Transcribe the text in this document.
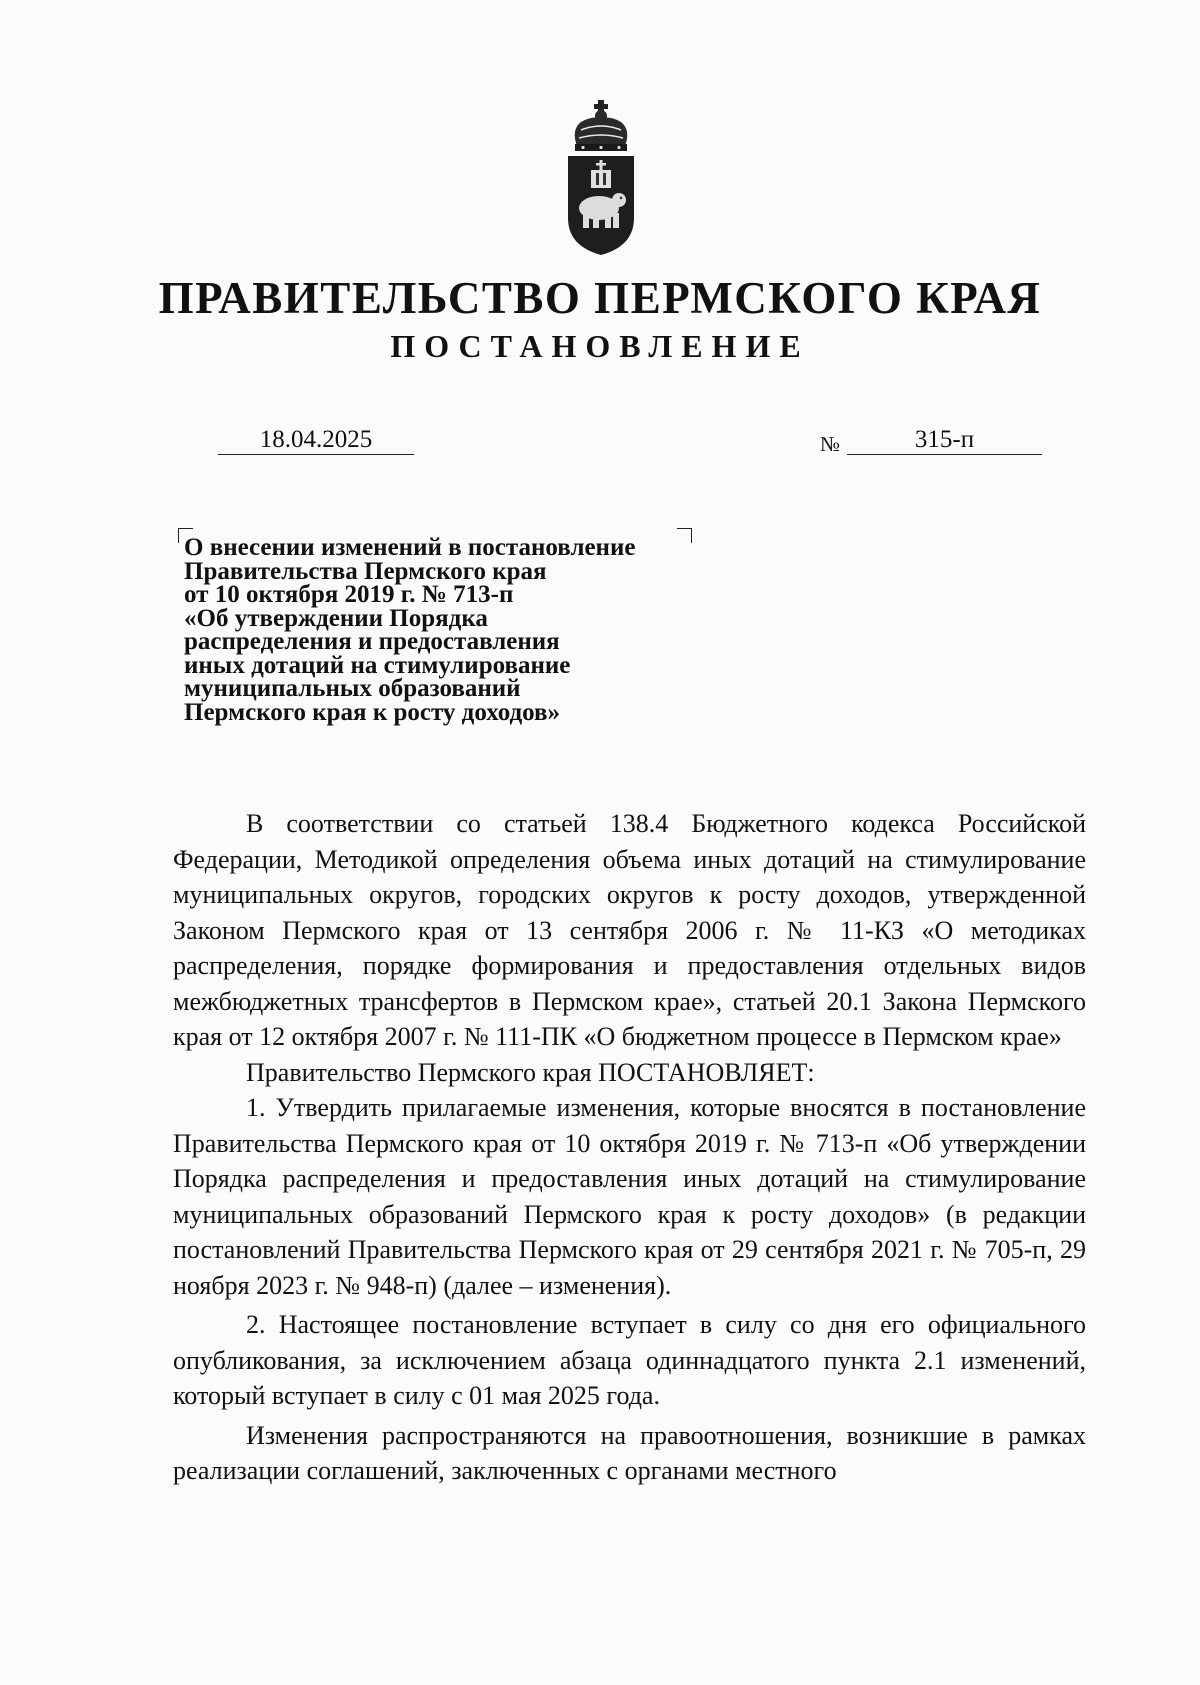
ПРАВИТЕЛЬСТВО ПЕРМСКОГО КРАЯ
ПОСТАНОВЛЕНИЕ
18.04.2025	№	315-п
О внесении изменений в постановление
Правительства Пермского края
от 10 октября 2019 г. № 713-п
«Об утверждении Порядка
распределения и предоставления
иных дотаций на стимулирование
муниципальных образований
Пермского края к росту доходов»

В соответствии со статьей 138.4 Бюджетного кодекса Российской Федерации, Методикой определения объема иных дотаций на стимулирование муниципальных округов, городских округов к росту доходов, утвержденной Законом Пермского края от 13 сентября 2006 г. № 11-КЗ «О методиках распределения, порядке формирования и предоставления отдельных видов межбюджетных трансфертов в Пермском крае», статьей 20.1 Закона Пермского края от 12 октября 2007 г. № 111-ПК «О бюджетном процессе в Пермском крае»

Правительство Пермского края ПОСТАНОВЛЯЕТ:

1. Утвердить прилагаемые изменения, которые вносятся в постановление Правительства Пермского края от 10 октября 2019 г. № 713-п «Об утверждении Порядка распределения и предоставления иных дотаций на стимулирование муниципальных образований Пермского края к росту доходов» (в редакции постановлений Правительства Пермского края от 29 сентября 2021 г. № 705-п, 29 ноября 2023 г. № 948-п) (далее – изменения).

2. Настоящее постановление вступает в силу со дня его официального опубликования, за исключением абзаца одиннадцатого пункта 2.1 изменений, который вступает в силу с 01 мая 2025 года.

Изменения распространяются на правоотношения, возникшие в рамках реализации соглашений, заключенных с органами местного
